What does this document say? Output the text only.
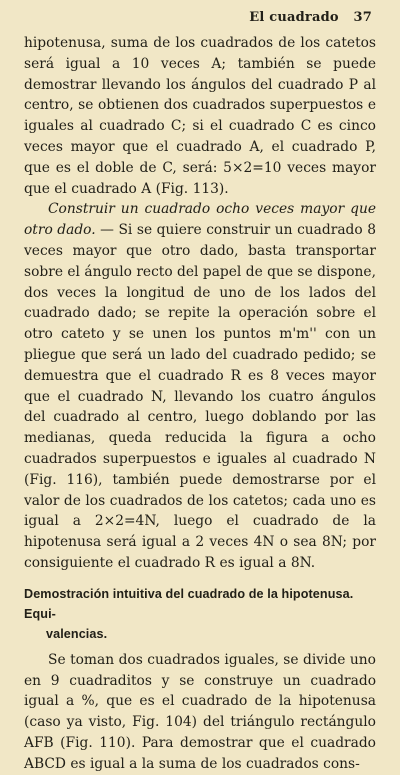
El cuadrado 37

hipotenusa, suma de los cuadrados de los catetos será igual a 10 veces A; también se puede demostrar llevando los ángulos del cuadrado P al centro, se obtienen dos cuadrados superpuestos e iguales al cuadrado C; si el cuadrado C es cinco veces mayor que el cuadrado A, el cuadrado P, que es el doble de C, será: 5×2=10 veces mayor que el cuadrado A (Fig. 113).

Construir un cuadrado ocho veces mayor que otro dado. — Si se quiere construir un cuadrado 8 veces mayor que otro dado, basta transportar sobre el ángulo recto del papel de que se dispone, dos veces la longitud de uno de los lados del cuadrado dado; se repite la operación sobre el otro cateto y se unen los puntos m'm'' con un pliegue que será un lado del cuadrado pedido; se demuestra que el cuadrado R es 8 veces mayor que el cuadrado N, llevando los cuatro ángulos del cuadrado al centro, luego doblando por las medianas, queda reducida la figura a ocho cuadrados superpuestos e iguales al cuadrado N (Fig. 116), también puede demostrarse por el valor de los cuadrados de los catetos; cada uno es igual a 2×2=4N, luego el cuadrado de la hipotenusa será igual a 2 veces 4N o sea 8N; por consiguiente el cuadrado R es igual a 8N.

Demostración intuitiva del cuadrado de la hipotenusa. Equi-
valencias.

Se toman dos cuadrados iguales, se divide uno en 9 cuadraditos y se construye un cuadrado igual a %, que es el cuadrado de la hipotenusa (caso ya visto, Fig. 104) del triángulo rectángulo AFB (Fig. 110). Para demostrar que el cuadrado ABCD es igual a la suma de los cuadrados cons-
